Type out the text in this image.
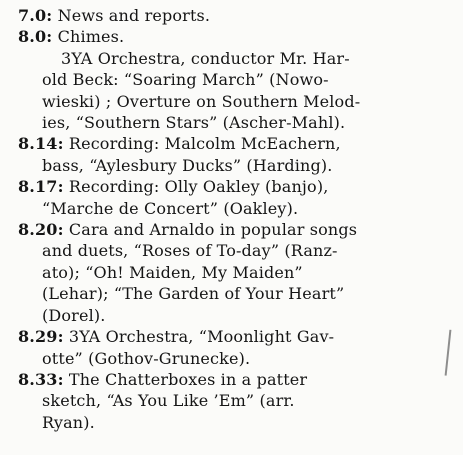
7.0: News and reports.

8.0: Chimes.
3YA Orchestra, conductor Mr. Har-
old Beck: “Soaring March” (Nowo-
wieski) ; Overture on Southern Melod-
ies, “Southern Stars” (Ascher-Mahl).

8.14: Recording: Malcolm McEachern,
bass, “Aylesbury Ducks” (Harding).

8.17: Recording: Olly Oakley (banjo),
“Marche de Concert” (Oakley).

8.20: Cara and Arnaldo in popular songs
and duets, “Roses of To-day” (Ranz-
ato); “Oh! Maiden, My Maiden”
(Lehar); “The Garden of Your Heart”
(Dorel).

8.29: 3YA Orchestra, “Moonlight Gav-
otte” (Gothov-Grunecke).

8.33: The Chatterboxes in a patter
sketch, “As You Like ’Em” (arr.
Ryan).
